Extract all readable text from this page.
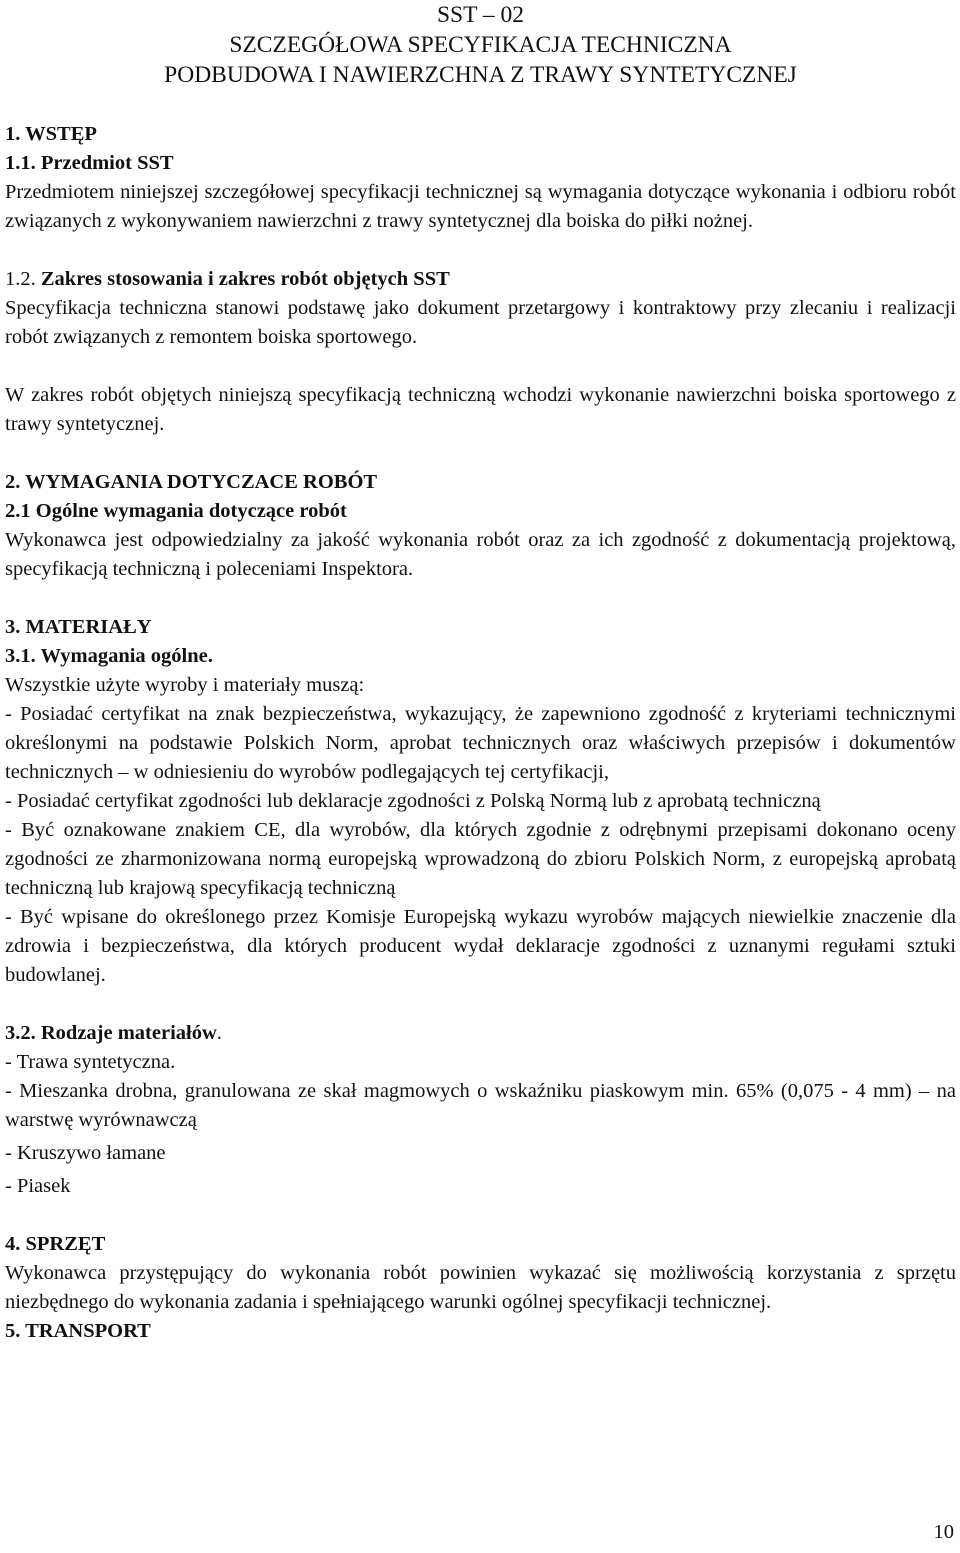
SST – 02
SZCZEGÓŁOWA SPECYFIKACJA TECHNICZNA
PODBUDOWA I NAWIERZCHNA Z TRAWY SYNTETYCZNEJ
1. WSTĘP
1.1. Przedmiot SST

Przedmiotem niniejszej szczegółowej specyfikacji technicznej są wymagania dotyczące wykonania i odbioru robót związanych z wykonywaniem nawierzchni z trawy syntetycznej dla boiska do piłki nożnej.

1.2. Zakres stosowania i zakres robót objętych SST

Specyfikacja techniczna stanowi podstawę jako dokument przetargowy i kontraktowy przy zlecaniu i realizacji robót związanych z remontem boiska sportowego.

W zakres robót objętych niniejszą specyfikacją techniczną wchodzi wykonanie nawierzchni boiska sportowego z trawy syntetycznej.

2. WYMAGANIA DOTYCZACE ROBÓT
2.1 Ogólne wymagania dotyczące robót

Wykonawca jest odpowiedzialny za jakość wykonania robót oraz za ich zgodność z dokumentacją projektową, specyfikacją techniczną i poleceniami Inspektora.

3. MATERIAŁY
3.1. Wymagania ogólne.
Wszystkie użyte wyroby i materiały muszą:

- Posiadać certyfikat na znak bezpieczeństwa, wykazujący, że zapewniono zgodność z kryteriami technicznymi określonymi na podstawie Polskich Norm, aprobat technicznych oraz właściwych przepisów i dokumentów technicznych – w odniesieniu do wyrobów podlegających tej certyfikacji,

- Posiadać certyfikat zgodności lub deklaracje zgodności z Polską Normą lub z aprobatą techniczną

- Być oznakowane znakiem CE, dla wyrobów, dla których zgodnie z odrębnymi przepisami dokonano oceny zgodności ze zharmonizowana normą europejską wprowadzoną do zbioru Polskich Norm, z europejską aprobatą techniczną lub krajową specyfikacją techniczną

- Być wpisane do określonego przez Komisje Europejską wykazu wyrobów mających niewielkie znaczenie dla zdrowia i bezpieczeństwa, dla których producent wydał deklaracje zgodności z uznanymi regułami sztuki budowlanej.

3.2. Rodzaje materiałów.

- Trawa syntetyczna.

- Mieszanka drobna, granulowana ze skał magmowych o wskaźniku piaskowym min. 65% (0,075 - 4 mm) – na warstwę wyrównawczą

- Kruszywo łamane

- Piasek

4. SPRZĘT

Wykonawca przystępujący do wykonania robót powinien wykazać się możliwością korzystania z sprzętu niezbędnego do wykonania zadania i spełniającego warunki ogólnej specyfikacji technicznej.

5. TRANSPORT
10
